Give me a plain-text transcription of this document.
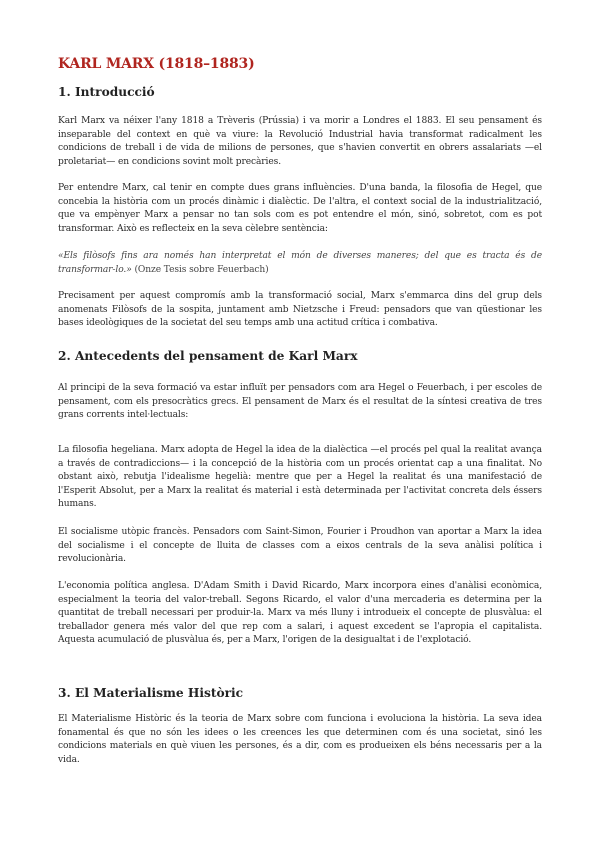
KARL MARX (1818–1883)
1. Introducció

Karl Marx va néixer l'any 1818 a Trèveris (Prússia) i va morir a Londres el 1883. El seu pensament és inseparable del context en què va viure: la Revolució Industrial havia transformat radicalment les condicions de treball i de vida de milions de persones, que s'havien convertit en obrers assalariats —el proletariat— en condicions sovint molt precàries.

Per entendre Marx, cal tenir en compte dues grans influències. D'una banda, la filosofia de Hegel, que concebia la història com un procés dinàmic i dialèctic. De l'altra, el context social de la industrialització, que va empènyer Marx a pensar no tan sols com es pot entendre el món, sinó, sobretot, com es pot transformar. Això es reflecteix en la seva cèlebre sentència:

«Els filòsofs fins ara només han interpretat el món de diverses maneres; del que es tracta és de transformar-lo.» (Onze Tesis sobre Feuerbach)

Precisament per aquest compromís amb la transformació social, Marx s'emmarca dins del grup dels anomenats Filòsofs de la sospita, juntament amb Nietzsche i Freud: pensadors que van qüestionar les bases ideològiques de la societat del seu temps amb una actitud crítica i combativa.

2. Antecedents del pensament de Karl Marx

Al principi de la seva formació va estar influït per pensadors com ara Hegel o Feuerbach, i per escoles de pensament, com els presocràtics grecs. El pensament de Marx és el resultat de la síntesi creativa de tres grans corrents intel·lectuals:

La filosofia hegeliana. Marx adopta de Hegel la idea de la dialèctica —el procés pel qual la realitat avança a través de contradiccions— i la concepció de la història com un procés orientat cap a una finalitat. No obstant això, rebutja l'idealisme hegelià: mentre que per a Hegel la realitat és una manifestació de l'Esperit Absolut, per a Marx la realitat és material i està determinada per l'activitat concreta dels éssers humans.

El socialisme utòpic francès. Pensadors com Saint-Simon, Fourier i Proudhon van aportar a Marx la idea del socialisme i el concepte de lluita de classes com a eixos centrals de la seva anàlisi política i revolucionària.

L'economia política anglesa. D'Adam Smith i David Ricardo, Marx incorpora eines d'anàlisi econòmica, especialment la teoria del valor-treball. Segons Ricardo, el valor d'una mercaderia es determina per la quantitat de treball necessari per produir-la. Marx va més lluny i introdueix el concepte de plusvàlua: el treballador genera més valor del que rep com a salari, i aquest excedent se l'apropia el capitalista. Aquesta acumulació de plusvàlua és, per a Marx, l'origen de la desigualtat i de l'explotació.

3. El Materialisme Històric

El Materialisme Històric és la teoria de Marx sobre com funciona i evoluciona la història. La seva idea fonamental és que no són les idees o les creences les que determinen com és una societat, sinó les condicions materials en què viuen les persones, és a dir, com es produeixen els béns necessaris per a la vida.
